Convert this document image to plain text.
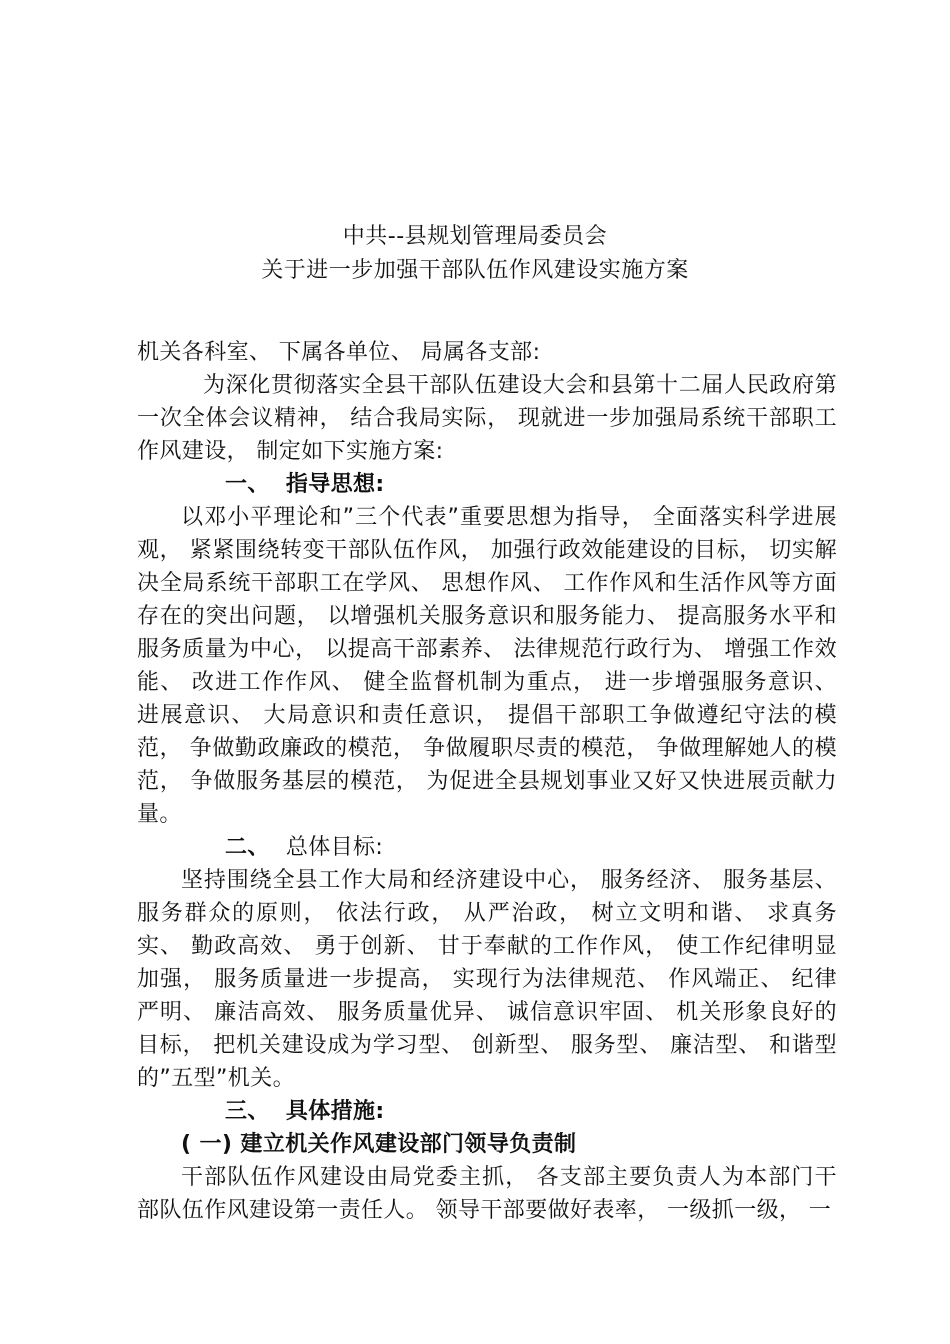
中共--县规划管理局委员会
关于进一步加强干部队伍作风建设实施方案

机关各科室、 下属各单位、 局属各支部:

为深化贯彻落实全县干部队伍建设大会和县第十二届人民政府第一次全体会议精神， 结合我局实际， 现就进一步加强局系统干部职工作风建设， 制定如下实施方案:

一、 指导思想:

以邓小平理论和”三个代表”重要思想为指导， 全面落实科学进展观， 紧紧围绕转变干部队伍作风， 加强行政效能建设的目标， 切实解决全局系统干部职工在学风、 思想作风、 工作作风和生活作风等方面存在的突出问题， 以增强机关服务意识和服务能力、 提高服务水平和服务质量为中心， 以提高干部素养、 法律规范行政行为、 增强工作效能、 改进工作作风、 健全监督机制为重点， 进一步增强服务意识、 进展意识、 大局意识和责任意识， 提倡干部职工争做遵纪守法的模范， 争做勤政廉政的模范， 争做履职尽责的模范， 争做理解她人的模范， 争做服务基层的模范， 为促进全县规划事业又好又快进展贡献力量。

二、 总体目标:

坚持围绕全县工作大局和经济建设中心， 服务经济、 服务基层、 服务群众的原则， 依法行政， 从严治政， 树立文明和谐、 求真务实、 勤政高效、 勇于创新、 甘于奉献的工作作风， 使工作纪律明显加强， 服务质量进一步提高， 实现行为法律规范、 作风端正、 纪律严明、 廉洁高效、 服务质量优异、 诚信意识牢固、 机关形象良好的目标， 把机关建设成为学习型、 创新型、 服务型、 廉洁型、 和谐型的”五型”机关。

三、 具体措施:

( 一) 建立机关作风建设部门领导负责制

干部队伍作风建设由局党委主抓， 各支部主要负责人为本部门干部队伍作风建设第一责任人。 领导干部要做好表率， 一级抓一级， 一
